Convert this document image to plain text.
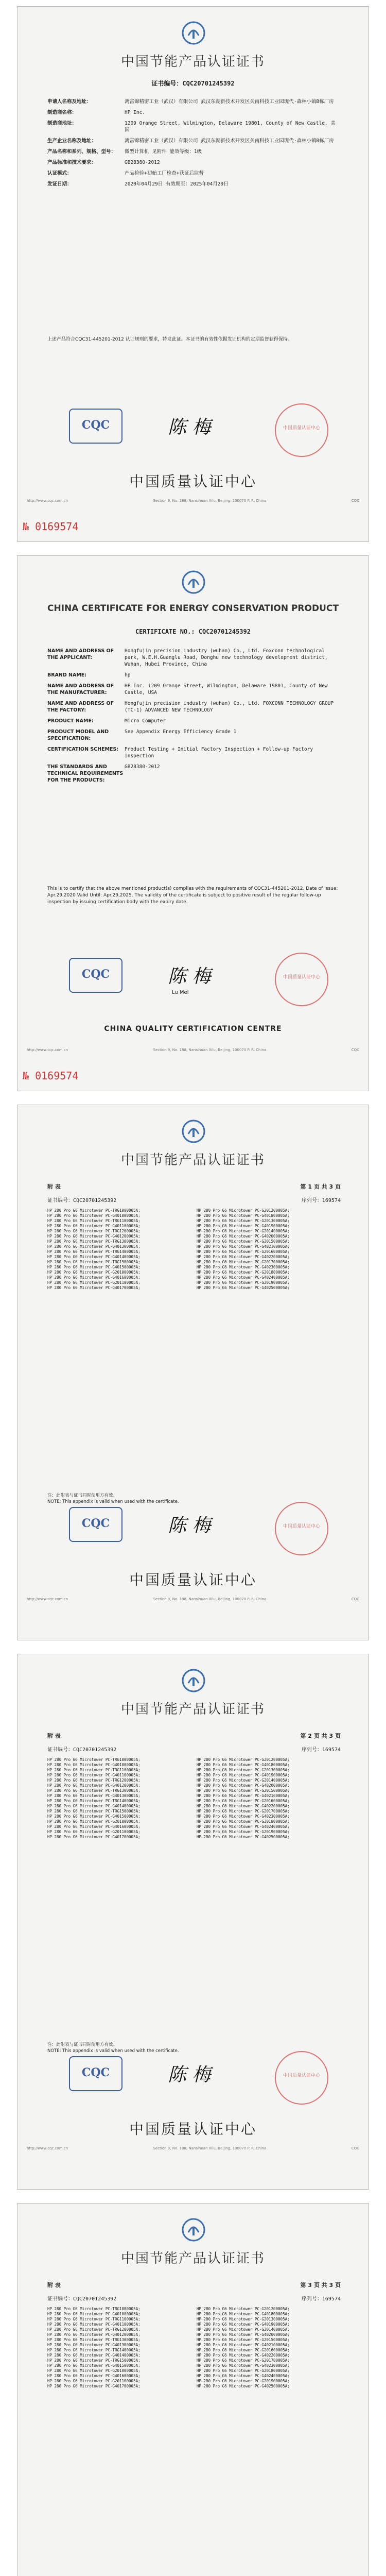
中国节能产品认证证书
证书编号：CQC20701245392
申请人名称及地址：	鸿富锦精密工业（武汉）有限公司 武汉东湖新技术开发区关南科技工业园现代·森林小镇B栋厂房
制造商名称：	HP Inc.
制造商地址：	1209 Orange Street, Wilmington, Delaware 19801, County of New Castle, 美国
生产企业名称及地址：	鸿富锦精密工业（武汉）有限公司 武汉东湖新技术开发区关南科技工业园现代·森林小镇B栋厂房
产品名称和系列、规格、型号：	微型计算机 见附件 能效等级：1级
产品标准和技术要求：	GB28380-2012
认证模式：	产品检验+初始工厂检查+获证后监督
发证日期：	2020年04月29日 有效期至：2025年04月29日
上述产品符合CQC31-445201-2012 认证规则的要求，特发此证。本证书的有效性依据发证机构的定期监督获得保持。
CQC	陈 梅	中国质量认证中心
中国质量认证中心
http://www.cqc.com.cn	Section 9, No. 188, Nansihuan Xilu, Beijing, 100070 P. R. China	CQC
№ 0169574
CHINA CERTIFICATE FOR ENERGY CONSERVATION PRODUCT
CERTIFICATE NO.: CQC20701245392
NAME AND ADDRESS OF THE APPLICANT:
Hongfujin precision industry (wuhan) Co., Ltd. Foxconn technological park, W.E.H.Guanglu Road, Donghu new technology development district, Wuhan, Hubei Province, China
BRAND NAME:	hp
NAME AND ADDRESS OF THE MANUFACTURER:
HP Inc. 1209 Orange Street, Wilmington, Delaware 19801, County of New Castle, USA
NAME AND ADDRESS OF THE FACTORY:
Hongfujin precision industry (wuhan) Co., Ltd. FOXCONN TECHNOLOGY GROUP (TC-1) ADVANCED NEW TECHNOLOGY
PRODUCT NAME:	Micro Computer
PRODUCT MODEL AND SPECIFICATION:
See Appendix Energy Efficiency Grade 1
CERTIFICATION SCHEMES:	Product Testing + Initial Factory Inspection + Follow-up Factory Inspection
THE STANDARDS AND TECHNICAL REQUIREMENTS FOR THE PRODUCTS:
GB28380-2012
This is to certify that the above mentioned product(s) complies with the requirements of CQC31-445201-2012. Date of Issue: Apr.29,2020 Valid Until: Apr.29,2025. The validity of the certificate is subject to positive result of the regular follow-up inspection by issuing certification body with the expiry date.
CQC	陈 梅
Lu Mei
中国质量认证中心
CHINA QUALITY CERTIFICATION CENTRE
http://www.cqc.com.cn	Section 9, No. 188, Nansihuan Xilu, Beijing, 100070 P. R. China	CQC
№ 0169574
中国节能产品认证证书
附 表	第 1 页 共 3 页
证书编号：CQC20701245392	序列号：169574
HP 280 Pro G6 Microtower PC-TRG1000005A;
HP 280 Pro G6 Microtower PC-G401000005A;
HP 280 Pro G6 Microtower PC-TRG1100005A;
HP 280 Pro G6 Microtower PC-G401100005A;
HP 280 Pro G6 Microtower PC-TRG1200005A;
HP 280 Pro G6 Microtower PC-G401200005A;
HP 280 Pro G6 Microtower PC-TRG1300005A;
HP 280 Pro G6 Microtower PC-G401300005A;
HP 280 Pro G6 Microtower PC-TRG1400005A;
HP 280 Pro G6 Microtower PC-G401400005A;
HP 280 Pro G6 Microtower PC-TRG1500005A;
HP 280 Pro G6 Microtower PC-G401500005A;
HP 280 Pro G6 Microtower PC-G201000005A;
HP 280 Pro G6 Microtower PC-G401600005A;
HP 280 Pro G6 Microtower PC-G201100005A;
HP 280 Pro G6 Microtower PC-G401700005A;
HP 280 Pro G6 Microtower PC-G201200005A;
HP 280 Pro G6 Microtower PC-G401800005A;
HP 280 Pro G6 Microtower PC-G201300005A;
HP 280 Pro G6 Microtower PC-G401900005A;
HP 280 Pro G6 Microtower PC-G201400005A;
HP 280 Pro G6 Microtower PC-G402000005A;
HP 280 Pro G6 Microtower PC-G201500005A;
HP 280 Pro G6 Microtower PC-G402100005A;
HP 280 Pro G6 Microtower PC-G201600005A;
HP 280 Pro G6 Microtower PC-G402200005A;
HP 280 Pro G6 Microtower PC-G201700005A;
HP 280 Pro G6 Microtower PC-G402300005A;
HP 280 Pro G6 Microtower PC-G201800005A;
HP 280 Pro G6 Microtower PC-G402400005A;
HP 280 Pro G6 Microtower PC-G201900005A;
HP 280 Pro G6 Microtower PC-G402500005A;
注：此附表与证书同时使用方有效。
NOTE: This appendix is valid when used with the certificate.
CQC	陈 梅	中国质量认证中心
中国质量认证中心
http://www.cqc.com.cn	Section 9, No. 188, Nansihuan Xilu, Beijing, 100070 P. R. China	CQC
中国节能产品认证证书
附 表	第 2 页 共 3 页
证书编号：CQC20701245392	序列号：169574
HP 280 Pro G6 Microtower PC-TRG1000005A;
HP 280 Pro G6 Microtower PC-G401000005A;
HP 280 Pro G6 Microtower PC-TRG1100005A;
HP 280 Pro G6 Microtower PC-G401100005A;
HP 280 Pro G6 Microtower PC-TRG1200005A;
HP 280 Pro G6 Microtower PC-G401200005A;
HP 280 Pro G6 Microtower PC-TRG1300005A;
HP 280 Pro G6 Microtower PC-G401300005A;
HP 280 Pro G6 Microtower PC-TRG1400005A;
HP 280 Pro G6 Microtower PC-G401400005A;
HP 280 Pro G6 Microtower PC-TRG1500005A;
HP 280 Pro G6 Microtower PC-G401500005A;
HP 280 Pro G6 Microtower PC-G201000005A;
HP 280 Pro G6 Microtower PC-G401600005A;
HP 280 Pro G6 Microtower PC-G201100005A;
HP 280 Pro G6 Microtower PC-G401700005A;
HP 280 Pro G6 Microtower PC-G201200005A;
HP 280 Pro G6 Microtower PC-G401800005A;
HP 280 Pro G6 Microtower PC-G201300005A;
HP 280 Pro G6 Microtower PC-G401900005A;
HP 280 Pro G6 Microtower PC-G201400005A;
HP 280 Pro G6 Microtower PC-G402000005A;
HP 280 Pro G6 Microtower PC-G201500005A;
HP 280 Pro G6 Microtower PC-G402100005A;
HP 280 Pro G6 Microtower PC-G201600005A;
HP 280 Pro G6 Microtower PC-G402200005A;
HP 280 Pro G6 Microtower PC-G201700005A;
HP 280 Pro G6 Microtower PC-G402300005A;
HP 280 Pro G6 Microtower PC-G201800005A;
HP 280 Pro G6 Microtower PC-G402400005A;
HP 280 Pro G6 Microtower PC-G201900005A;
HP 280 Pro G6 Microtower PC-G402500005A;
注：此附表与证书同时使用方有效。
NOTE: This appendix is valid when used with the certificate.
CQC	陈 梅	中国质量认证中心
中国质量认证中心
http://www.cqc.com.cn	Section 9, No. 188, Nansihuan Xilu, Beijing, 100070 P. R. China	CQC
中国节能产品认证证书
附 表	第 3 页 共 3 页
证书编号：CQC20701245392	序列号：169574
HP 280 Pro G6 Microtower PC-TRG1000005A;
HP 280 Pro G6 Microtower PC-G401000005A;
HP 280 Pro G6 Microtower PC-TRG1100005A;
HP 280 Pro G6 Microtower PC-G401100005A;
HP 280 Pro G6 Microtower PC-TRG1200005A;
HP 280 Pro G6 Microtower PC-G401200005A;
HP 280 Pro G6 Microtower PC-TRG1300005A;
HP 280 Pro G6 Microtower PC-G401300005A;
HP 280 Pro G6 Microtower PC-TRG1400005A;
HP 280 Pro G6 Microtower PC-G401400005A;
HP 280 Pro G6 Microtower PC-TRG1500005A;
HP 280 Pro G6 Microtower PC-G401500005A;
HP 280 Pro G6 Microtower PC-G201000005A;
HP 280 Pro G6 Microtower PC-G401600005A;
HP 280 Pro G6 Microtower PC-G201100005A;
HP 280 Pro G6 Microtower PC-G401700005A;
HP 280 Pro G6 Microtower PC-G201200005A;
HP 280 Pro G6 Microtower PC-G401800005A;
HP 280 Pro G6 Microtower PC-G201300005A;
HP 280 Pro G6 Microtower PC-G401900005A;
HP 280 Pro G6 Microtower PC-G201400005A;
HP 280 Pro G6 Microtower PC-G402000005A;
HP 280 Pro G6 Microtower PC-G201500005A;
HP 280 Pro G6 Microtower PC-G402100005A;
HP 280 Pro G6 Microtower PC-G201600005A;
HP 280 Pro G6 Microtower PC-G402200005A;
HP 280 Pro G6 Microtower PC-G201700005A;
HP 280 Pro G6 Microtower PC-G402300005A;
HP 280 Pro G6 Microtower PC-G201800005A;
HP 280 Pro G6 Microtower PC-G402400005A;
HP 280 Pro G6 Microtower PC-G201900005A;
HP 280 Pro G6 Microtower PC-G402500005A;
